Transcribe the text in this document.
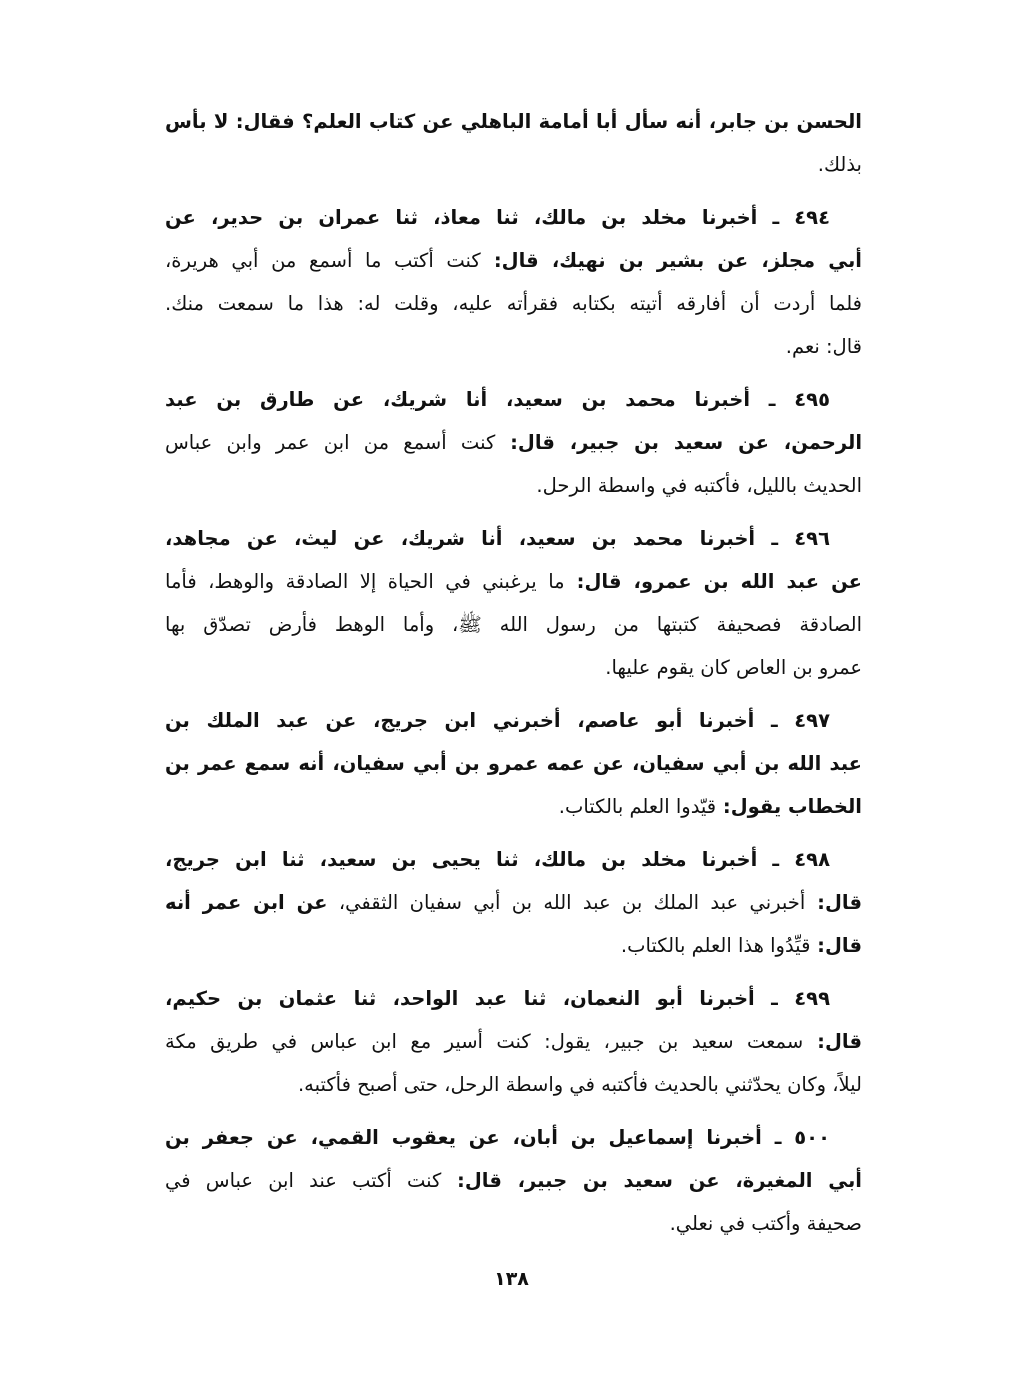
الحسن بن جابر، أنه سأل أبا أمامة الباهلي عن كتاب العلم؟ فقال: لا بأس
بذلك.
٤٩٤ ـ أخبرنا مخلد بن مالك، ثنا معاذ، ثنا عمران بن حدير، عن
أبي مجلز، عن بشير بن نهيك، قال: كنت أكتب ما أسمع من أبي هريرة،
فلما أردت أن أفارقه أتيته بكتابه فقرأته عليه، وقلت له: هذا ما سمعت منك.
قال: نعم.
٤٩٥ ـ أخبرنا محمد بن سعيد، أنا شريك، عن طارق بن عبد
الرحمن، عن سعيد بن جبير، قال: كنت أسمع من ابن عمر وابن عباس
الحديث بالليل، فأكتبه في واسطة الرحل.
٤٩٦ ـ أخبرنا محمد بن سعيد، أنا شريك، عن ليث، عن مجاهد،
عن عبد الله بن عمرو، قال: ما يرغبني في الحياة إلا الصادقة والوهط، فأما
الصادقة فصحيفة كتبتها من رسول الله ﷺ، وأما الوهط فأرض تصدّق بها
عمرو بن العاص كان يقوم عليها.
٤٩٧ ـ أخبرنا أبو عاصم، أخبرني ابن جريج، عن عبد الملك بن
عبد الله بن أبي سفيان، عن عمه عمرو بن أبي سفيان، أنه سمع عمر بن
الخطاب يقول: قيّدوا العلم بالكتاب.
٤٩٨ ـ أخبرنا مخلد بن مالك، ثنا يحيى بن سعيد، ثنا ابن جريج،
قال: أخبرني عبد الملك بن عبد الله بن أبي سفيان الثقفي، عن ابن عمر أنه
قال: قيِّدُوا هذا العلم بالكتاب.
٤٩٩ ـ أخبرنا أبو النعمان، ثنا عبد الواحد، ثنا عثمان بن حكيم،
قال: سمعت سعيد بن جبير، يقول: كنت أسير مع ابن عباس في طريق مكة
ليلاً، وكان يحدّثني بالحديث فأكتبه في واسطة الرحل، حتى أصبح فأكتبه.
٥٠٠ ـ أخبرنا إسماعيل بن أبان، عن يعقوب القمي، عن جعفر بن
أبي المغيرة، عن سعيد بن جبير، قال: كنت أكتب عند ابن عباس في
صحيفة وأكتب في نعلي.
١٣٨
